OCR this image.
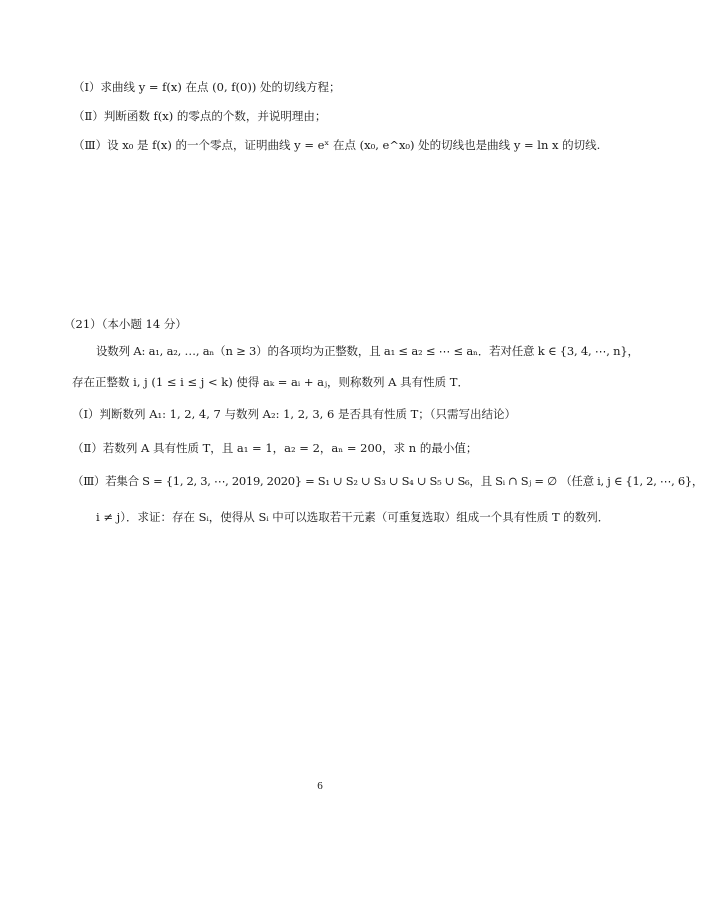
（Ⅰ）求曲线 y = f(x) 在点 (0, f(0)) 处的切线方程；
（Ⅱ）判断函数 f(x) 的零点的个数，并说明理由；
（Ⅲ）设 x₀ 是 f(x) 的一个零点，证明曲线 y = eˣ 在点 (x₀, e^x₀) 处的切线也是曲线 y = ln x 的切线.
（21）（本小题 14 分）
设数列 A: a₁, a₂, …, aₙ（n ≥ 3）的各项均为正整数，且 a₁ ≤ a₂ ≤ ⋯ ≤ aₙ．若对任意 k ∈ {3, 4, ⋯, n}，
存在正整数 i, j (1 ≤ i ≤ j < k) 使得 aₖ = aᵢ + aⱼ，则称数列 A 具有性质 T．
（Ⅰ）判断数列 A₁: 1, 2, 4, 7 与数列 A₂: 1, 2, 3, 6 是否具有性质 T；（只需写出结论）
（Ⅱ）若数列 A 具有性质 T，且 a₁ = 1，a₂ = 2，aₙ = 200，求 n 的最小值；
（Ⅲ）若集合 S = {1, 2, 3, ⋯, 2019, 2020} = S₁ ∪ S₂ ∪ S₃ ∪ S₄ ∪ S₅ ∪ S₆，且 Sᵢ ∩ Sⱼ = ∅ （任意 i, j ∈ {1, 2, ⋯, 6}，
i ≠ j）．求证：存在 Sᵢ，使得从 Sᵢ 中可以选取若干元素（可重复选取）组成一个具有性质 T 的数列．
6
